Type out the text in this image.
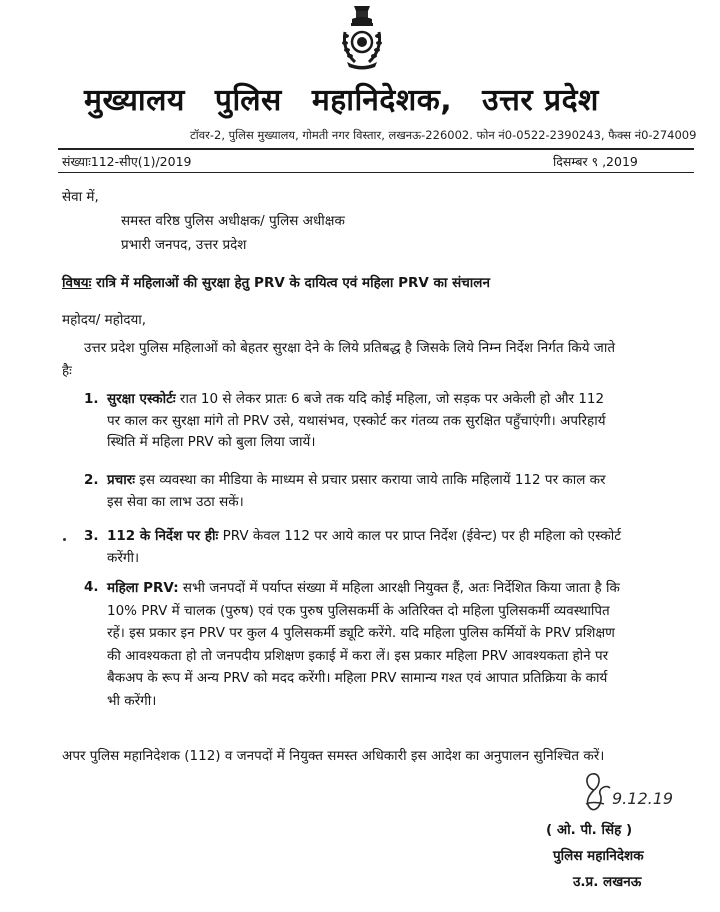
मुख्यालय पुलिस महानिदेशक, उत्तर प्रदेश
टॉवर-2, पुलिस मुख्यालय, गोमती नगर विस्तार, लखनऊ-226002. फोन नं0-0522-2390243, फैक्स नं0-274009
संख्याः112-सीए(1)/2019	दिसम्बर ९ ,2019
सेवा में,
समस्त वरिष्ठ पुलिस अधीक्षक/ पुलिस अधीक्षक
प्रभारी जनपद, उत्तर प्रदेश
विषयः रात्रि में महिलाओं की सुरक्षा हेतु PRV के दायित्व एवं महिला PRV का संचालन
महोदय/ महोदया,
उत्तर प्रदेश पुलिस महिलाओं को बेहतर सुरक्षा देने के लिये प्रतिबद्ध है जिसके लिये निम्न निर्देश निर्गत किये जाते
हैः
1. सुरक्षा एस्कोर्टः रात 10 से लेकर प्रातः 6 बजे तक यदि कोई महिला, जो सड़क पर अकेली हो और 112
पर काल कर सुरक्षा मांगे तो PRV उसे, यथासंभव, एस्कोर्ट कर गंतव्य तक सुरक्षित पहुँचाएंगी। अपरिहार्य
स्थिति में महिला PRV को बुला लिया जायें।
2. प्रचारः इस व्यवस्था का मीडिया के माध्यम से प्रचार प्रसार कराया जाये ताकि महिलायें 112 पर काल कर
इस सेवा का लाभ उठा सकें।
3. 112 के निर्देश पर हीः PRV केवल 112 पर आये काल पर प्राप्त निर्देश (ईवेन्ट) पर ही महिला को एस्कोर्ट
करेंगी।
4. महिला PRV: सभी जनपदों में पर्याप्त संख्या में महिला आरक्षी नियुक्त हैं, अतः निर्देशित किया जाता है कि
10% PRV में चालक (पुरुष) एवं एक पुरुष पुलिसकर्मी के अतिरिक्त दो महिला पुलिसकर्मी व्यवस्थापित
रहें। इस प्रकार इन PRV पर कुल 4 पुलिसकर्मी ड्यूटि करेंगे. यदि महिला पुलिस कर्मियों के PRV प्रशिक्षण
की आवश्यकता हो तो जनपदीय प्रशिक्षण इकाई में करा लें। इस प्रकार महिला PRV आवश्यकता होने पर
बैकअप के रूप में अन्य PRV को मदद करेंगी। महिला PRV सामान्य गश्त एवं आपात प्रतिक्रिया के कार्य
भी करेंगी।
अपर पुलिस महानिदेशक (112) व जनपदों में नियुक्त समस्त अधिकारी इस आदेश का अनुपालन सुनिश्चित करें।
9.12.19
( ओ. पी. सिंह )
पुलिस महानिदेशक
उ.प्र. लखनऊ
